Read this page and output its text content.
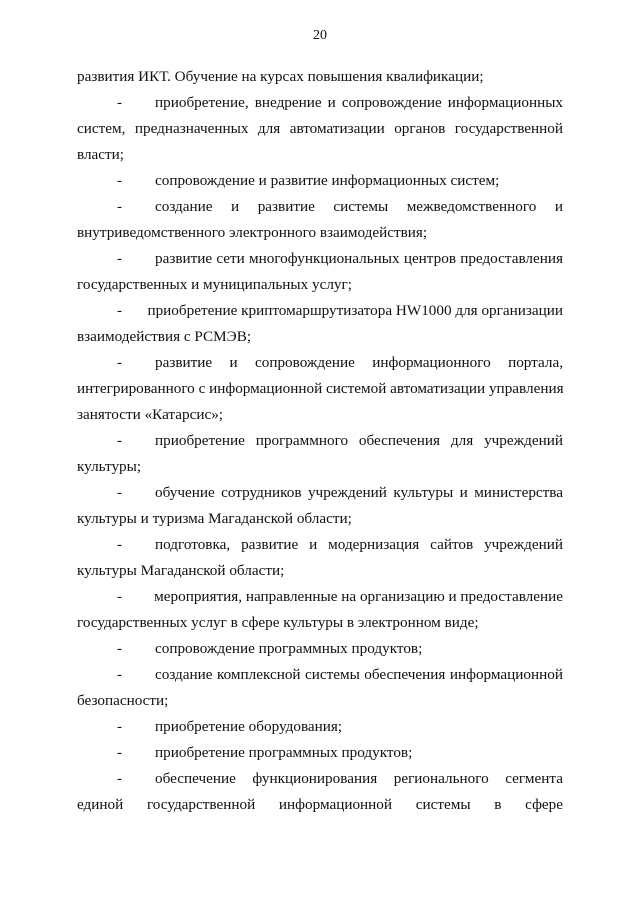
20
развития ИКТ. Обучение на курсах повышения квалификации;
-	приобретение, внедрение и сопровождение информационных
систем, предназначенных для автоматизации органов государственной
власти;
-	сопровождение и развитие информационных систем;
-	создание и развитие системы межведомственного и
внутриведомственного электронного взаимодействия;
-	развитие сети многофункциональных центров предоставления
государственных и муниципальных услуг;
-	приобретение криптомаршрутизатора HW1000 для организации
взаимодействия с РСМЭВ;
-	развитие и сопровождение информационного портала,
интегрированного с информационной системой автоматизации управления
занятости «Катарсис»;
-	приобретение программного обеспечения для учреждений
культуры;
-	обучение сотрудников учреждений культуры и министерства
культуры и туризма Магаданской области;
-	подготовка, развитие и модернизация сайтов учреждений
культуры Магаданской области;
-	мероприятия, направленные на организацию и предоставление
государственных услуг в сфере культуры в электронном виде;
-	сопровождение программных продуктов;
-	создание комплексной системы обеспечения информационной
безопасности;
-	приобретение оборудования;
-	приобретение программных продуктов;
-	обеспечение функционирования регионального сегмента
единой государственной информационной системы в сфере
